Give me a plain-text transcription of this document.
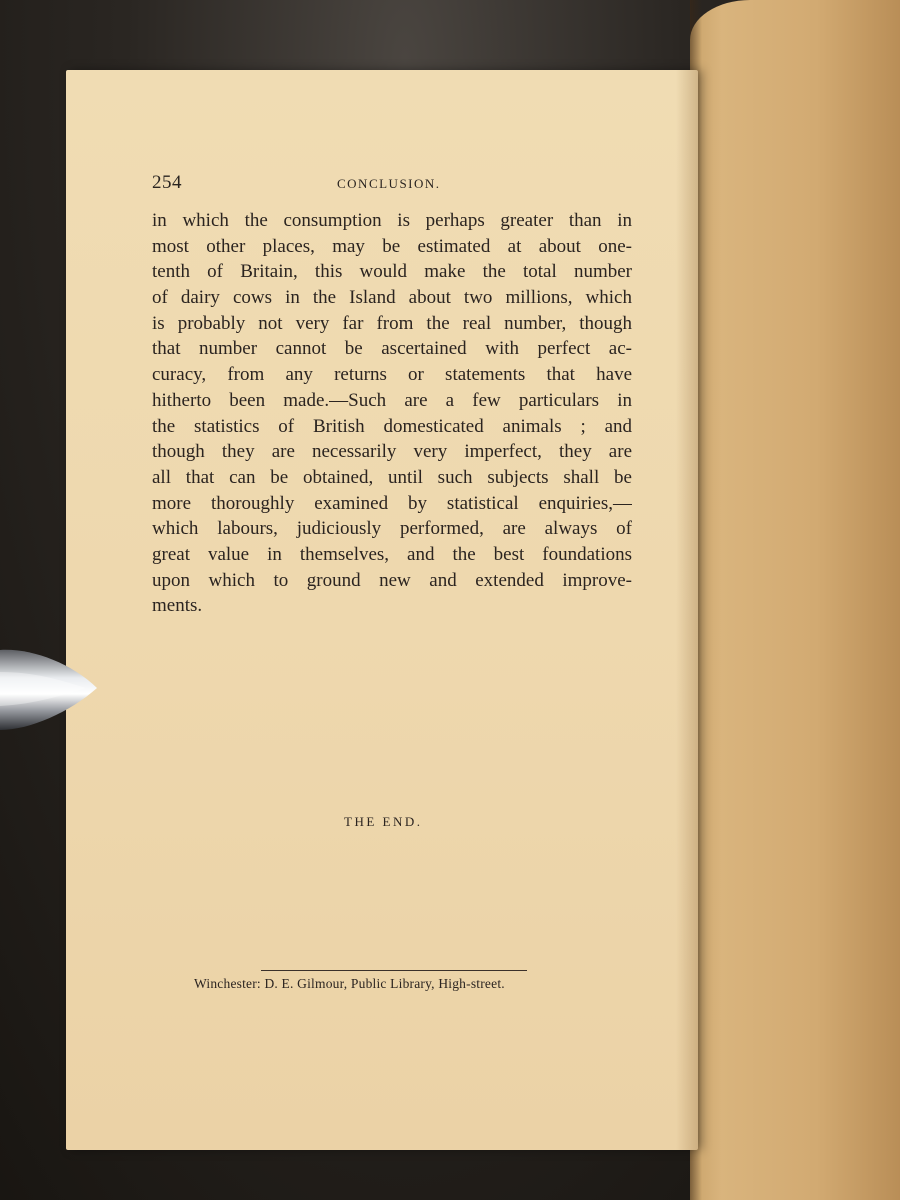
254	CONCLUSION.
in which the consumption is perhaps greater than in
most other places, may be estimated at about one-
tenth of Britain, this would make the total number
of dairy cows in the Island about two millions, which
is probably not very far from the real number, though
that number cannot be ascertained with perfect ac-
curacy, from any returns or statements that have
hitherto been made.—Such are a few particulars in
the statistics of British domesticated animals ; and
though they are necessarily very imperfect, they are
all that can be obtained, until such subjects shall be
more thoroughly examined by statistical enquiries,—
which labours, judiciously performed, are always of
great value in themselves, and the best foundations
upon which to ground new and extended improve-
ments.
THE END.
Winchester: D. E. Gilmour, Public Library, High-street.
